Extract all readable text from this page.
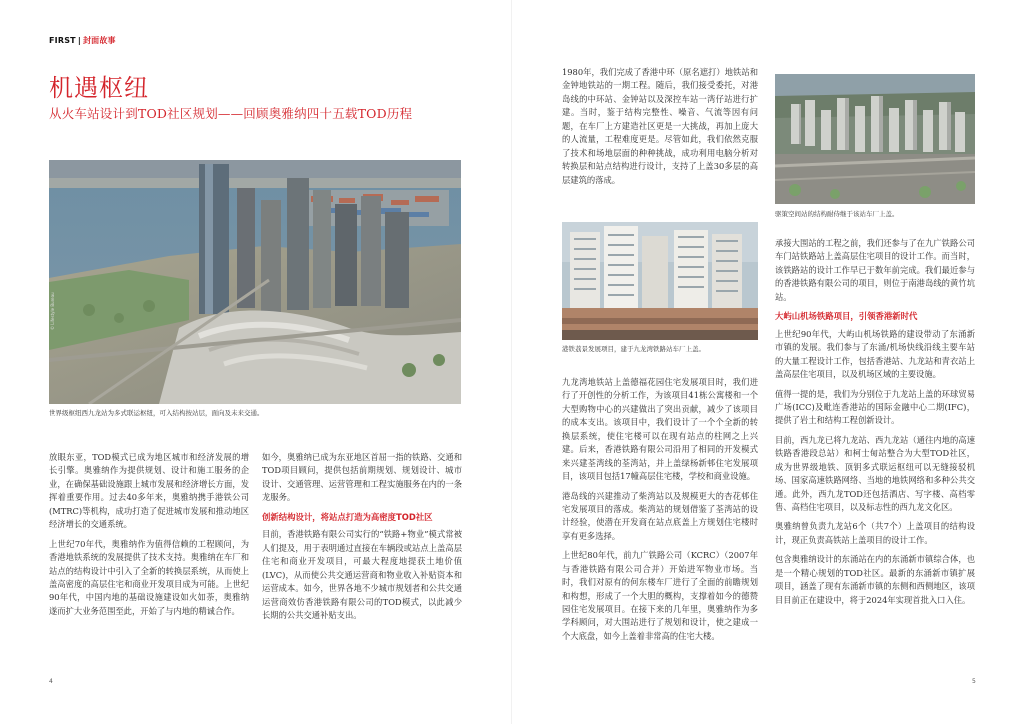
FIRST | 封面故事
机遇枢纽
从火车站设计到TOD社区规划——回顾奥雅纳四十五载TOD历程
© Lifestyle Bureau
世界级枢纽西九龙站为多式联运枢纽，可入结构按站层，面向及未来交通。

放眼东亚，TOD模式已成为地区城市和经济发展的增长引擎。奥雅纳作为提供规划、设计和施工服务的企业，在确保基础设施跟上城市发展和经济增长方面，发挥着重要作用。过去40多年来，奥雅纳携手港铁公司(MTRC)等机构，成功打造了促进城市发展和推动地区经济增长的交通系统。

上世纪70年代，奥雅纳作为值得信赖的工程顾问，为香港地铁系统的发展提供了技术支持。奥雅纳在车厂和站点的结构设计中引入了全新的转换层系统，从而使上盖高密度的高层住宅和商业开发项目成为可能。上世纪90年代，中国内地的基础设施建设如火如荼，奥雅纳遂而扩大业务范围至此，开始了与内地的精诚合作。

如今，奥雅纳已成为东亚地区首屈一指的铁路、交通和TOD项目顾问，提供包括前期规划、规划设计、城市设计、交通管理、运营管理和工程实施服务在内的一条龙服务。

创新结构设计，将站点打造为高密度TOD社区

目前，香港铁路有限公司实行的“铁路+物业”模式常被人们提及，用于表明通过直接在车辆段或站点上盖高层住宅和商业开发项目，可最大程度地提获土地价值(LVC)，从而使公共交通运营商和物业收入补贴资本和运营成本。如今，世界各地不少城市规划者和公共交通运营商效仿香港铁路有限公司的TOD模式，以此减少长期的公共交通补贴支出。

4

1980年，我们完成了香港中环（原名遮打）地铁站和金钟地铁站的一期工程。随后，我们接受委托，对港岛线的中环站、金钟站以及深控车站一湾仔站进行扩建。当时，鉴于结构完整性、噪音、气流等因有问题，在车厂上方建造社区更是一大挑战，再加上庞大的人流量，工程难度更是。尽管如此，我们依然克服了技术和场地层面的种种挑战，成功利用电脑分析对转换层和站点结构进行设计，支持了上盖30多层的高层建筑的落成。

港铁荔景发展项目，建于九龙湾铁路站车厂上盖。

九龙湾地铁站上盖德福花园住宅发展项目时，我们进行了开创性的分析工作，为该项目41栋公寓楼和一个大型购物中心的兴建做出了突出贡献，减少了该项目的成本支出。该项目中，我们设计了一个个全新的转换层系统，使住宅楼可以在现有站点的柱网之上兴建。后来，香港铁路有限公司沿用了相同的开发模式来兴建荃湾线的荃湾站，并上盖绿杨新邨住宅发展项目，该项目包括17幢高层住宅楼，学校和商业设施。

港岛线的兴建推动了柴湾站以及规模更大的杏花邨住宅发展项目的落成。柴湾站的规划借鉴了荃湾站的设计经验，使潜在开发商在站点底盖上方规划住宅楼时享有更多选择。

上世纪80年代，前九广铁路公司（KCRC）（2007年与香港铁路有限公司合并）开始进军物业市场。当时，我们对原有的何东楼车厂进行了全面的前瞻规划和构想，形成了一个大胆的概构，支撑着如今的德赞园住宅发展项目。在接下来的几年里，奥雅纳作为多学科顾问，对大围站进行了规划和设计，使之建成一个大底盘，如今上盖着非常高的住宅大楼。

驱策空间站的结构耐侍继于该站车厂上盖。

承接大围站的工程之前，我们还参与了在九广铁路公司车门站铁路站上盖高层住宅项目的设计工作。而当时，该铁路站的设计工作早已于数年前完成。我们最近参与的香港铁路有限公司的项目，则位于南港岛线的黄竹坑站。

大屿山机场铁路项目，引领香港新时代

上世纪90年代，大屿山机场铁路的建设带动了东涌新市镇的发展。我们参与了东涌/机场快线沿线主要车站的大量工程设计工作，包括香港站、九龙站和青衣站上盖高层住宅项目，以及机场区域的主要设施。

值得一提的是，我们为分别位于九龙站上盖的环球贸易广场(ICC)及毗连香港站的国际金融中心二期(IFC)，提供了岩土和结构工程创新设计。

目前，西九龙已将九龙站、西九龙站（通往内地的高速铁路香港段总站）和柯士甸站整合为大型TOD社区，成为世界级地铁、顶钥多式联运枢纽可以无缝接驳机场、国家高速铁路网络、当地的地铁网络和多种公共交通。此外，西九龙TOD还包括酒店、写字楼、高档零售、高档住宅项目，以及标志性的西九龙文化区。

奥雅纳曾负责九龙站6个（共7个）上盖项目的结构设计，现正负责高铁站上盖项目的设计工作。

包含奥雅纳设计的东涌站在内的东涌新市镇综合体，也是一个精心规划的TOD社区。最新的东涌新市镇扩展项目，涵盖了现有东涌新市镇的东侧和西侧地区，该项目目前正在建设中，将于2024年实现首批入口入住。

5
